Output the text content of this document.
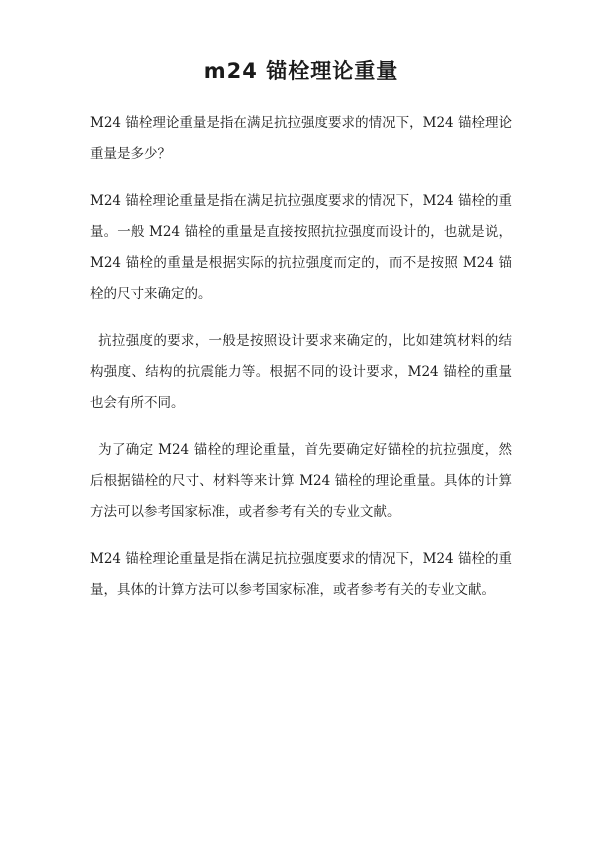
m24 锚栓理论重量

M24 锚栓理论重量是指在满足抗拉强度要求的情况下，M24 锚栓理论重量是多少？

M24 锚栓理论重量是指在满足抗拉强度要求的情况下，M24 锚栓的重量。一般 M24 锚栓的重量是直接按照抗拉强度而设计的，也就是说，M24 锚栓的重量是根据实际的抗拉强度而定的，而不是按照 M24 锚栓的尺寸来确定的。

抗拉强度的要求，一般是按照设计要求来确定的，比如建筑材料的结构强度、结构的抗震能力等。根据不同的设计要求，M24 锚栓的重量也会有所不同。

为了确定 M24 锚栓的理论重量，首先要确定好锚栓的抗拉强度，然后根据锚栓的尺寸、材料等来计算 M24 锚栓的理论重量。具体的计算方法可以参考国家标准，或者参考有关的专业文献。

M24 锚栓理论重量是指在满足抗拉强度要求的情况下，M24 锚栓的重量，具体的计算方法可以参考国家标准，或者参考有关的专业文献。
